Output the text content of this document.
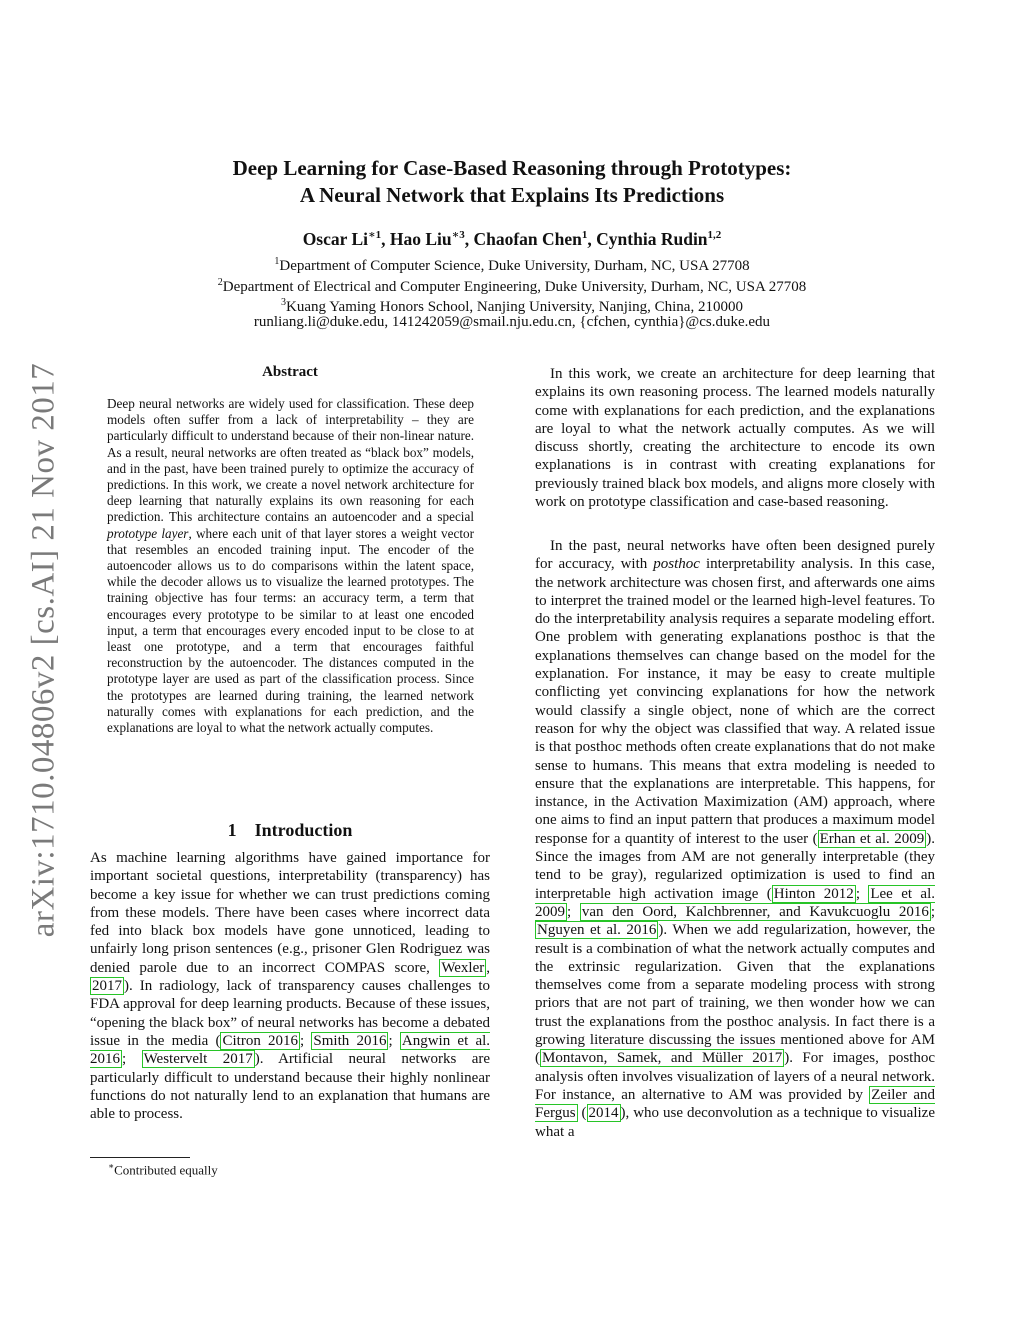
arXiv:1710.04806v2 [cs.AI] 21 Nov 2017
Deep Learning for Case-Based Reasoning through Prototypes:
A Neural Network that Explains Its Predictions
Oscar $Li^{∗1}$, Hao Liu$^{∗3}$, Chaofan Chen$^1$, Cynthia Rudin$^{1,2}$
$^1$Department of Computer Science, Duke University, Durham, NC, USA 27708
$^2$Department of Electrical and Computer Engineering, Duke University, Durham, NC, USA 27708
$^3$Kuang Yaming Honors School, Nanjing University, Nanjing, China, 210000
runliang.li@duke.edu, 141242059@smail.nju.edu.cn, {cfchen, cynthia}@cs.duke.edu
Abstract
Deep neural networks are widely used for classification. These deep models often suffer from a lack of interpretability – they are particularly difficult to understand because of their non-linear nature. As a result, neural networks are often treated as “black box” models, and in the past, have been trained purely to optimize the accuracy of predictions. In this work, we create a novel network architecture for deep learning that naturally explains its own reasoning for each prediction. This architecture contains an autoencoder and a special prototype layer, where each unit of that layer stores a weight vector that resembles an encoded training input. The encoder of the autoencoder allows us to do comparisons within the latent space, while the decoder allows us to visualize the learned prototypes. The training objective has four terms: an accuracy term, a term that encourages every prototype to be similar to at least one encoded input, a term that encourages every encoded input to be close to at least one prototype, and a term that encourages faithful reconstruction by the autoencoder. The distances computed in the prototype layer are used as part of the classification process. Since the prototypes are learned during training, the learned network naturally comes with explanations for each prediction, and the explanations are loyal to what the network actually computes.
1 Introduction
As machine learning algorithms have gained importance for important societal questions, interpretability (transparency) has become a key issue for whether we can trust predictions coming from these models. There have been cases where incorrect data fed into black box models have gone unnoticed, leading to unfairly long prison sentences (e.g., prisoner Glen Rodriguez was denied parole due to an incorrect COMPAS score, Wexler , 2017 ). In radiology, lack of transparency causes challenges to FDA approval for deep learning products. Because of these issues, “opening the black box” of neural networks has become a debated issue in the media ( Citron 2016 ; Smith 2016 ; Angwin et al. 2016 ; Westervelt 2017 ). Artificial neural networks are particularly difficult to understand because their highly nonlinear functions do not naturally lend to an explanation that humans are able to process.
In this work, we create an architecture for deep learning that explains its own reasoning process. The learned models naturally come with explanations for each prediction, and the explanations are loyal to what the network actually computes. As we will discuss shortly, creating the architecture to encode its own explanations is in contrast with creating explanations for previously trained black box models, and aligns more closely with work on prototype classification and case-based reasoning.
In the past, neural networks have often been designed purely for accuracy, with posthoc interpretability analysis. In this case, the network architecture was chosen first, and afterwards one aims to interpret the trained model or the learned high-level features. To do the interpretability analysis requires a separate modeling effort. One problem with generating explanations posthoc is that the explanations themselves can change based on the model for the explanation. For instance, it may be easy to create multiple conflicting yet convincing explanations for how the network would classify a single object, none of which are the correct reason for why the object was classified that way. A related issue is that posthoc methods often create explanations that do not make sense to humans. This means that extra modeling is needed to ensure that the explanations are interpretable. This happens, for instance, in the Activation Maximization (AM) approach, where one aims to find an input pattern that produces a maximum model response for a quantity of interest to the user ( Erhan et al. 2009 ). Since the images from AM are not generally interpretable (they tend to be gray), regularized optimization is used to find an interpretable high activation image ( Hinton 2012 ; Lee et al. 2009 ; van den Oord, Kalchbrenner, and Kavukcuoglu 2016 ; Nguyen et al. 2016 ). When we add regularization, however, the result is a combination of what the network actually computes and the extrinsic regularization. Given that the explanations themselves come from a separate modeling process with strong priors that are not part of training, we then wonder how we can trust the explanations from the posthoc analysis. In fact there is a growing literature discussing the issues mentioned above for AM ( Montavon, Samek, and Müller 2017 ). For images, posthoc analysis often involves visualization of layers of a neural network. For instance, an alternative to AM was provided by Zeiler and Fergus ( 2014 ), who use deconvolution as a technique to visualize what a
∗Contributed equally
